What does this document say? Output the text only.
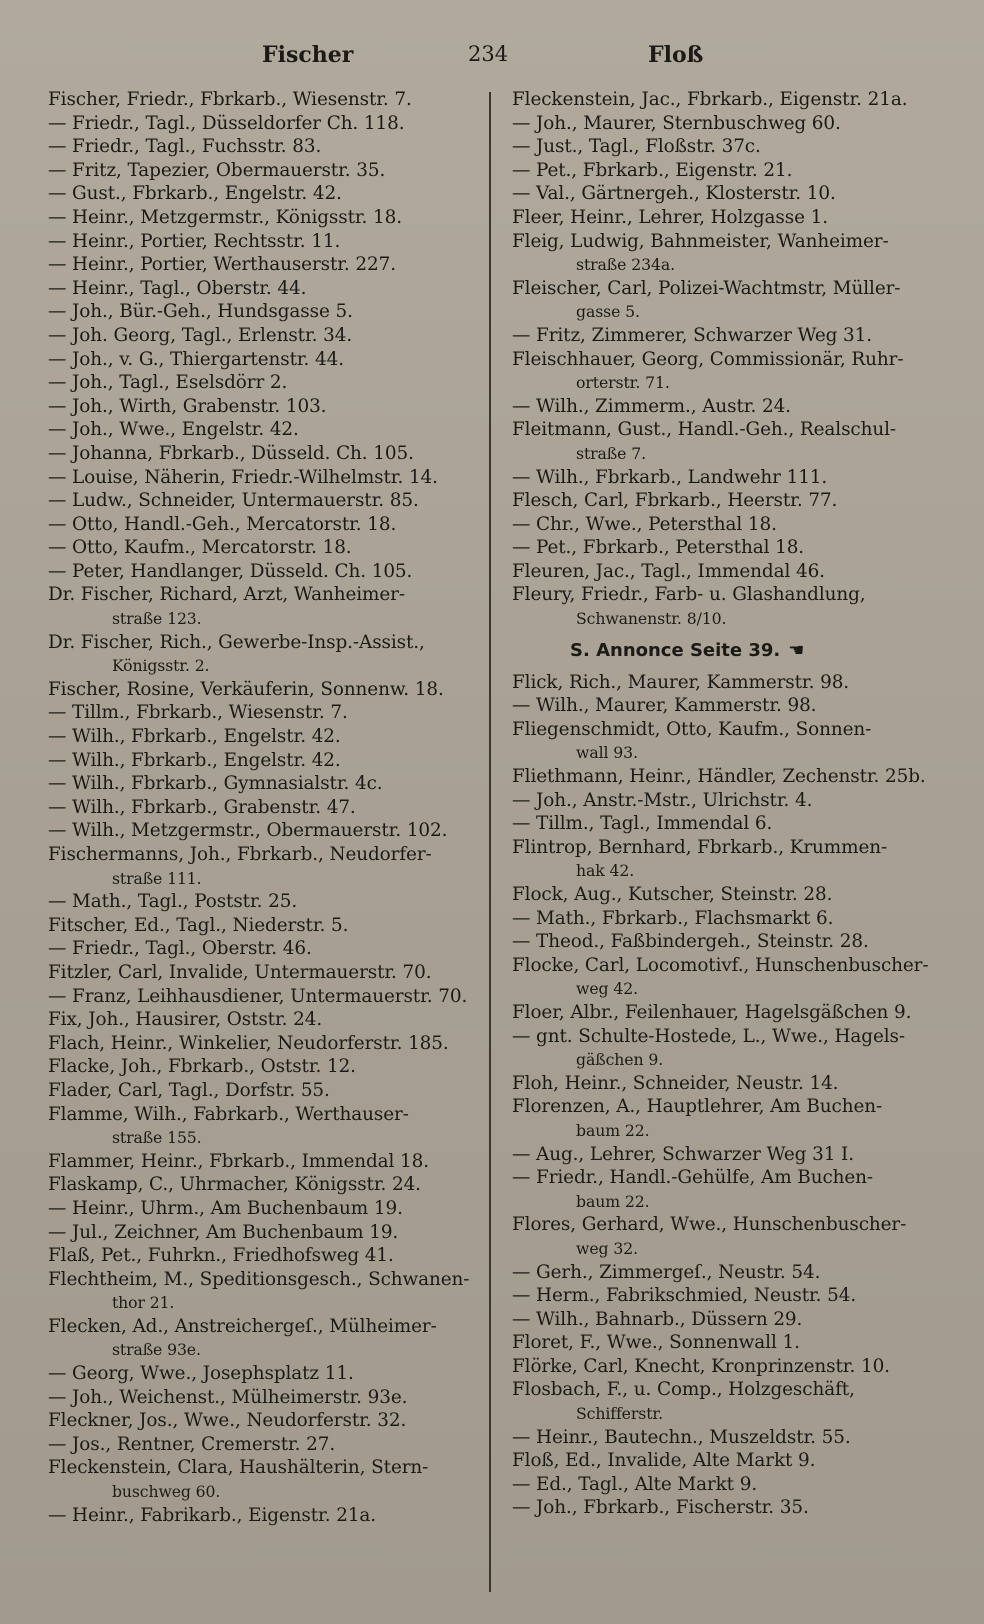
Fischer	234	Floß
Fischer, Friedr., Fbrkarb., Wiesenstr. 7.
— Friedr., Tagl., Düsseldorfer Ch. 118.
— Friedr., Tagl., Fuchsstr. 83.
— Fritz, Tapezier, Obermauerstr. 35.
— Gust., Fbrkarb., Engelstr. 42.
— Heinr., Metzgermstr., Königsstr. 18.
— Heinr., Portier, Rechtsstr. 11.
— Heinr., Portier, Werthauserstr. 227.
— Heinr., Tagl., Oberstr. 44.
— Joh., Bür.-Geh., Hundsgasse 5.
— Joh. Georg, Tagl., Erlenstr. 34.
— Joh., v. G., Thiergartenstr. 44.
— Joh., Tagl., Eselsdörr 2.
— Joh., Wirth, Grabenstr. 103.
— Joh., Wwe., Engelstr. 42.
— Johanna, Fbrkarb., Düsseld. Ch. 105.
— Louise, Näherin, Friedr.-Wilhelmstr. 14.
— Ludw., Schneider, Untermauerstr. 85.
— Otto, Handl.-Geh., Mercatorstr. 18.
— Otto, Kaufm., Mercatorstr. 18.
— Peter, Handlanger, Düsseld. Ch. 105.
Dr. Fischer, Richard, Arzt, Wanheimer-
straße 123.
Dr. Fischer, Rich., Gewerbe-Insp.-Assist.,
Königsstr. 2.
Fischer, Rosine, Verkäuferin, Sonnenw. 18.
— Tillm., Fbrkarb., Wiesenstr. 7.
— Wilh., Fbrkarb., Engelstr. 42.
— Wilh., Fbrkarb., Engelstr. 42.
— Wilh., Fbrkarb., Gymnasialstr. 4c.
— Wilh., Fbrkarb., Grabenstr. 47.
— Wilh., Metzgermstr., Obermauerstr. 102.
Fischermanns, Joh., Fbrkarb., Neudorfer-
straße 111.
— Math., Tagl., Poststr. 25.
Fitscher, Ed., Tagl., Niederstr. 5.
— Friedr., Tagl., Oberstr. 46.
Fitzler, Carl, Invalide, Untermauerstr. 70.
— Franz, Leihhausdiener, Untermauerstr. 70.
Fix, Joh., Hausirer, Oststr. 24.
Flach, Heinr., Winkelier, Neudorferstr. 185.
Flacke, Joh., Fbrkarb., Oststr. 12.
Flader, Carl, Tagl., Dorfstr. 55.
Flamme, Wilh., Fabrkarb., Werthauser-
straße 155.
Flammer, Heinr., Fbrkarb., Immendal 18.
Flaskamp, C., Uhrmacher, Königsstr. 24.
— Heinr., Uhrm., Am Buchenbaum 19.
— Jul., Zeichner, Am Buchenbaum 19.
Flaß, Pet., Fuhrkn., Friedhofsweg 41.
Flechtheim, M., Speditionsgesch., Schwanen-
thor 21.
Flecken, Ad., Anstreichergeſ., Mülheimer-
straße 93e.
— Georg, Wwe., Josephsplatz 11.
— Joh., Weichenst., Mülheimerstr. 93e.
Fleckner, Jos., Wwe., Neudorferstr. 32.
— Jos., Rentner, Cremerstr. 27.
Fleckenstein, Clara, Haushälterin, Stern-
buschweg 60.
— Heinr., Fabrikarb., Eigenstr. 21a.
Fleckenstein, Jac., Fbrkarb., Eigenstr. 21a.
— Joh., Maurer, Sternbuschweg 60.
— Just., Tagl., Floßstr. 37c.
— Pet., Fbrkarb., Eigenstr. 21.
— Val., Gärtnergeh., Klosterstr. 10.
Fleer, Heinr., Lehrer, Holzgasse 1.
Fleig, Ludwig, Bahnmeister, Wanheimer-
straße 234a.
Fleischer, Carl, Polizei-Wachtmstr, Müller-
gasse 5.
— Fritz, Zimmerer, Schwarzer Weg 31.
Fleischhauer, Georg, Commissionär, Ruhr-
orterstr. 71.
— Wilh., Zimmerm., Austr. 24.
Fleitmann, Gust., Handl.-Geh., Realschul-
straße 7.
— Wilh., Fbrkarb., Landwehr 111.
Flesch, Carl, Fbrkarb., Heerstr. 77.
— Chr., Wwe., Petersthal 18.
— Pet., Fbrkarb., Petersthal 18.
Fleuren, Jac., Tagl., Immendal 46.
Fleury, Friedr., Farb- u. Glashandlung,
Schwanenstr. 8/10.
S. Annonce Seite 39. ☚
Flick, Rich., Maurer, Kammerstr. 98.
— Wilh., Maurer, Kammerstr. 98.
Fliegenschmidt, Otto, Kaufm., Sonnen-
wall 93.
Fliethmann, Heinr., Händler, Zechenstr. 25b.
— Joh., Anstr.-Mstr., Ulrichstr. 4.
— Tillm., Tagl., Immendal 6.
Flintrop, Bernhard, Fbrkarb., Krummen-
hak 42.
Flock, Aug., Kutscher, Steinstr. 28.
— Math., Fbrkarb., Flachsmarkt 6.
— Theod., Faßbindergeh., Steinstr. 28.
Flocke, Carl, Locomotivf., Hunschenbuscher-
weg 42.
Floer, Albr., Feilenhauer, Hagelsgäßchen 9.
— gnt. Schulte-Hostede, L., Wwe., Hagels-
gäßchen 9.
Floh, Heinr., Schneider, Neustr. 14.
Florenzen, A., Hauptlehrer, Am Buchen-
baum 22.
— Aug., Lehrer, Schwarzer Weg 31 I.
— Friedr., Handl.-Gehülfe, Am Buchen-
baum 22.
Flores, Gerhard, Wwe., Hunschenbuscher-
weg 32.
— Gerh., Zimmergeſ., Neustr. 54.
— Herm., Fabrikschmied, Neustr. 54.
— Wilh., Bahnarb., Düssern 29.
Floret, F., Wwe., Sonnenwall 1.
Flörke, Carl, Knecht, Kronprinzenstr. 10.
Flosbach, F., u. Comp., Holzgeschäft,
Schifferstr.
— Heinr., Bautechn., Muszeldstr. 55.
Floß, Ed., Invalide, Alte Markt 9.
— Ed., Tagl., Alte Markt 9.
— Joh., Fbrkarb., Fischerstr. 35.
